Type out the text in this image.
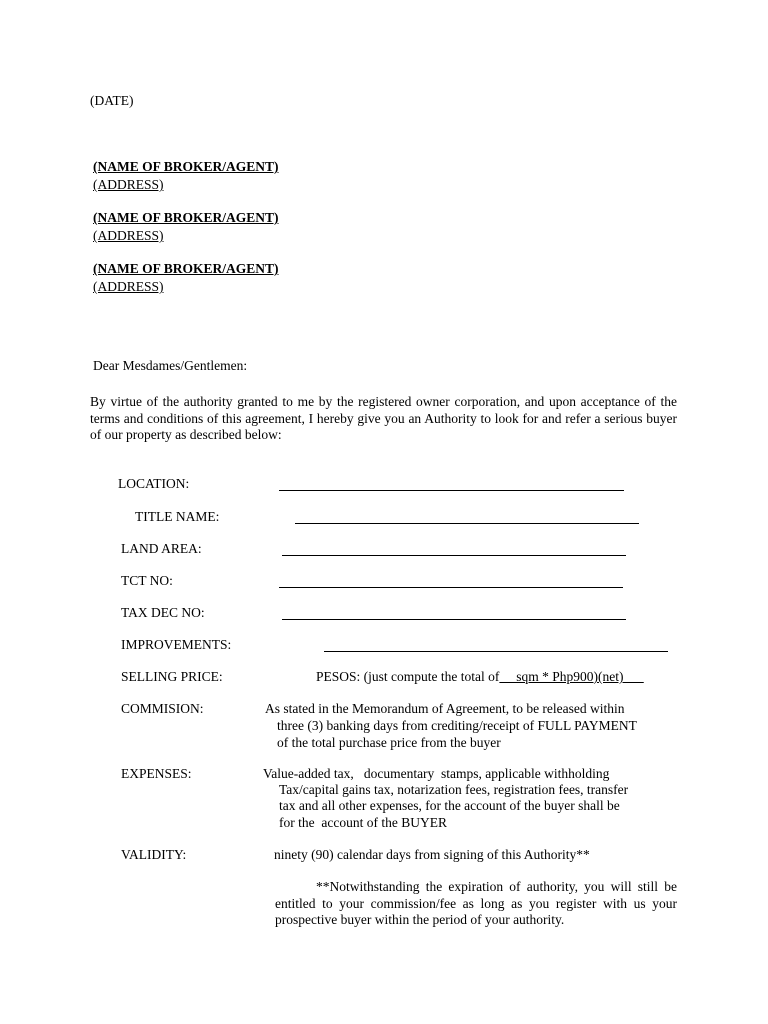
(DATE)
(NAME OF BROKER/AGENT)
(ADDRESS)
(NAME OF BROKER/AGENT)
(ADDRESS)
(NAME OF BROKER/AGENT)
(ADDRESS)
Dear Mesdames/Gentlemen:
By virtue of the authority granted to me by the registered owner corporation, and upon acceptance of the terms and conditions of this agreement, I hereby give you an Authority to look for and refer a serious buyer of our property as described below:
LOCATION:
TITLE NAME:
LAND AREA:
TCT NO:
TAX DEC NO:
IMPROVEMENTS:
SELLING PRICE:	PESOS: (just compute the total of     sqm * Php900)(net)
COMMISION:	As stated in the Memorandum of Agreement, to be released within
three (3) banking days from crediting/receipt of FULL PAYMENT
of the total purchase price from the buyer
EXPENSES:	Value-added tax,   documentary  stamps, applicable withholding
Tax/capital gains tax, notarization fees, registration fees, transfer
tax and all other expenses, for the account of the buyer shall be
for the  account of the BUYER
VALIDITY:	ninety (90) calendar days from signing of this Authority**
**Notwithstanding the expiration of authority, you will still be entitled to your commission/fee as long as you register with us your prospective buyer within the period of your authority.
